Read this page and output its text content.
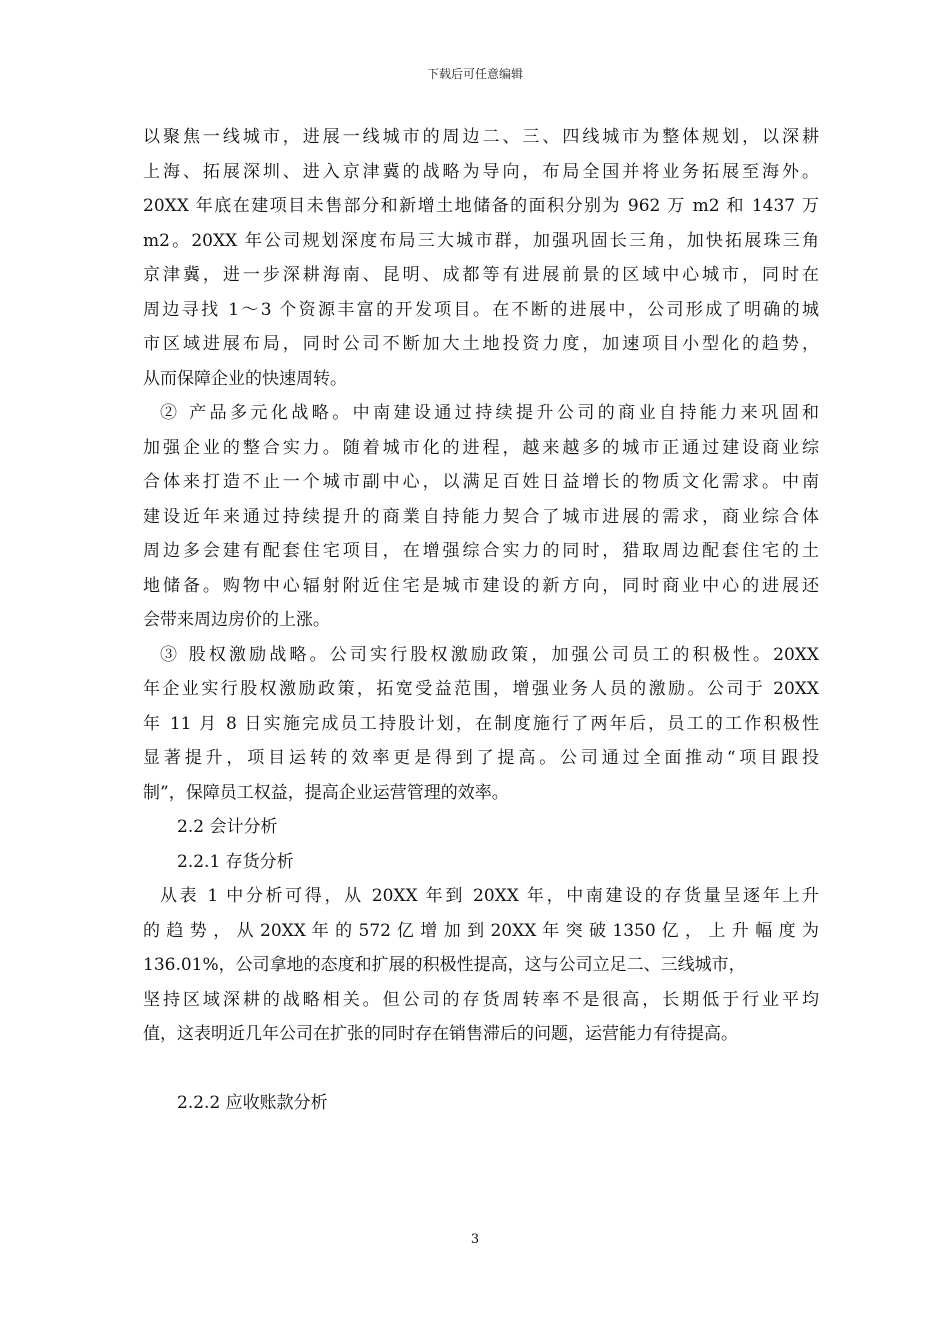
下载后可任意编辑
以聚焦一线城市，进展一线城市的周边二、三、四线城市为整体规划，以深耕
上海、拓展深圳、进入京津冀的战略为导向，布局全国并将业务拓展至海外。
20XX 年底在建项目未售部分和新增土地储备的面积分别为 962 万 m2 和 1437 万
m2。20XX 年公司规划深度布局三大城市群，加强巩固长三角，加快拓展珠三角
京津冀，进一步深耕海南、昆明、成都等有进展前景的区域中心城市，同时在
周边寻找 1～3 个资源丰富的开发项目。在不断的进展中，公司形成了明确的城
市区域进展布局，同时公司不断加大土地投资力度，加速项目小型化的趋势，
从而保障企业的快速周转。
② 产品多元化战略。中南建设通过持续提升公司的商业自持能力来巩固和
加强企业的整合实力。随着城市化的进程，越来越多的城市正通过建设商业综
合体来打造不止一个城市副中心，以满足百姓日益增长的物质文化需求。中南
建设近年来通过持续提升的商業自持能力契合了城市进展的需求，商业综合体
周边多会建有配套住宅项目，在增强综合实力的同时，猎取周边配套住宅的土
地储备。购物中心辐射附近住宅是城市建设的新方向，同时商业中心的进展还
会带来周边房价的上涨。
③ 股权激励战略。公司实行股权激励政策，加强公司员工的积极性。20XX
年企业实行股权激励政策，拓宽受益范围，增强业务人员的激励。公司于 20XX
年 11 月 8 日实施完成员工持股计划，在制度施行了两年后，员工的工作积极性
显著提升，项目运转的效率更是得到了提高。公司通过全面推动“项目跟投
制”，保障员工权益，提高企业运营管理的效率。
2.2 会计分析
2.2.1 存货分析
从表 1 中分析可得，从 20XX 年到 20XX 年，中南建设的存货量呈逐年上升
的 趋 势 ， 从 20XX 年 的 572 亿 增 加 到 20XX 年 突 破 1350 亿 ， 上 升 幅 度 为
136.01%，公司拿地的态度和扩展的积极性提高，这与公司立足二、三线城市，
坚持区域深耕的战略相关。但公司的存货周转率不是很高，长期低于行业平均
值，这表明近几年公司在扩张的同时存在销售滞后的问题，运营能力有待提高。
2.2.2 应收账款分析
3
